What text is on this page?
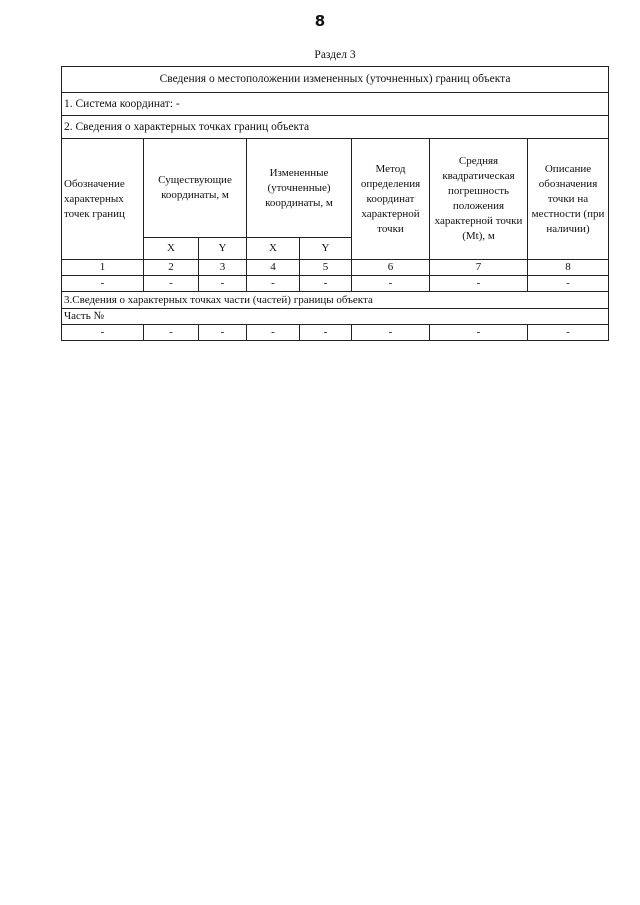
8
Раздел 3
Сведения о местоположении измененных (уточненных) границ объекта							
1. Система координат: -							
2. Сведения о характерных точках границ объекта							
Обозначение характерных точек границ	Существующие координаты, м		Измененные (уточненные) координаты, м		Метод определения координат характерной точки	Средняя квадратическая погрешность положения характерной точки (Mt), м	Описание обозначения точки на местности (при наличии)
	X	Y	X	Y			
1	2	3	4	5	6	7	8
-	-	-	-	-	-	-	-
3.Сведения о характерных точках части (частей) границы объекта							
Часть №							
-	-	-	-	-	-	-	-
